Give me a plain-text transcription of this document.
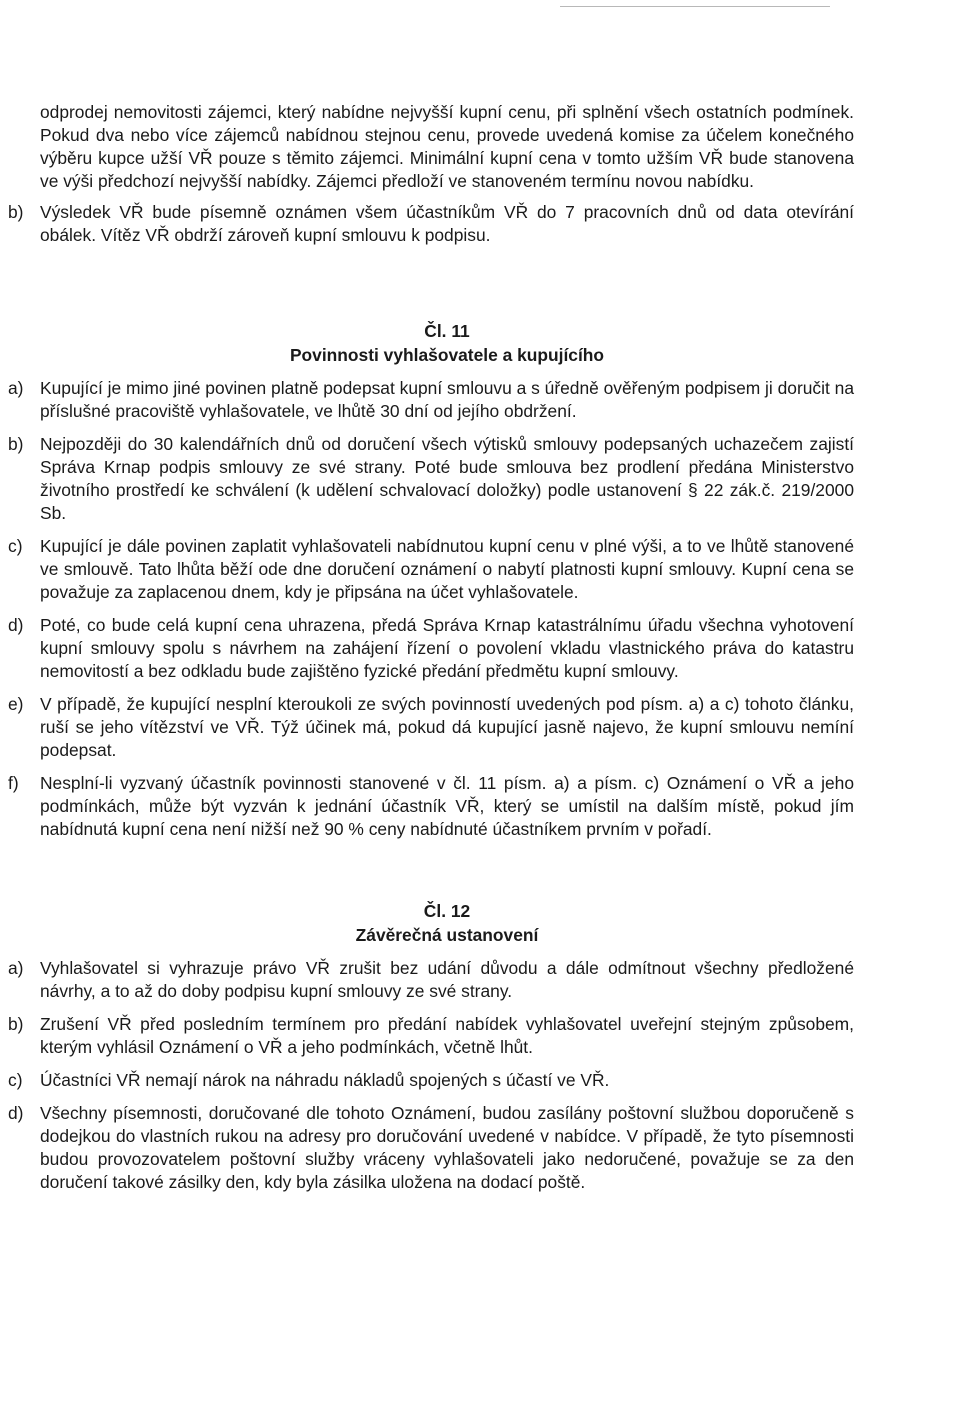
odprodej nemovitosti zájemci, který nabídne nejvyšší kupní cenu, při splnění všech ostatních podmínek. Pokud dva nebo více zájemců nabídnou stejnou cenu, provede uvedená komise za účelem konečného výběru kupce užší VŘ pouze s těmito zájemci. Minimální kupní cena v tomto užším VŘ bude stanovena ve výši předchozí nejvyšší nabídky. Zájemci předloží ve stanoveném termínu novou nabídku.

b) Výsledek VŘ bude písemně oznámen všem účastníkům VŘ do 7 pracovních dnů od data otevírání obálek. Vítěz VŘ obdrží zároveň kupní smlouvu k podpisu.
Čl. 11
Povinnosti vyhlašovatele a kupujícího
a) Kupující je mimo jiné povinen platně podepsat kupní smlouvu a s úředně ověřeným podpisem ji doručit na příslušné pracoviště vyhlašovatele, ve lhůtě 30 dní od jejího obdržení.
b) Nejpozději do 30 kalendářních dnů od doručení všech výtisků smlouvy podepsaných uchazečem zajistí Správa Krnap podpis smlouvy ze své strany. Poté bude smlouva bez prodlení předána Ministerstvo životního prostředí ke schválení (k udělení schvalovací doložky) podle ustanovení § 22 zák.č. 219/2000 Sb.
c)	Kupující je dále povinen zaplatit vyhlašovateli nabídnutou kupní cenu v plné výši, a to ve lhůtě stanovené ve smlouvě. Tato lhůta běží ode dne doručení oznámení o nabytí platnosti kupní smlouvy. Kupní cena se považuje za zaplacenou dnem, kdy je připsána na účet vyhlašovatele.
d) Poté, co bude celá kupní cena uhrazena, předá Správa Krnap katastrálnímu úřadu všechna vyhotovení kupní smlouvy spolu s návrhem na zahájení řízení o povolení vkladu vlastnického práva do katastru nemovitostí a bez odkladu bude zajištěno fyzické předání předmětu kupní smlouvy.
e) V případě, že kupující nesplní kteroukoli ze svých povinností uvedených pod písm. a) a c) tohoto článku, ruší se jeho vítězství ve VŘ. Týž účinek má, pokud dá kupující jasně najevo, že kupní smlouvu nemíní podepsat.
f)	Nesplní-li vyzvaný účastník povinnosti stanovené v čl. 11 písm. a) a písm. c) Oznámení o VŘ a jeho podmínkách, může být vyzván k jednání účastník VŘ, který se umístil na dalším místě, pokud jím nabídnutá kupní cena není nižší než 90 % ceny nabídnuté účastníkem prvním v pořadí.
Čl. 12
Závěrečná ustanovení
a) Vyhlašovatel si vyhrazuje právo VŘ zrušit bez udání důvodu a dále odmítnout všechny předložené návrhy, a to až do doby podpisu kupní smlouvy ze své strany.
b) Zrušení VŘ před posledním termínem pro předání nabídek vyhlašovatel uveřejní stejným způsobem, kterým vyhlásil Oznámení o VŘ a jeho podmínkách, včetně lhůt.
c)	Účastníci VŘ nemají nárok na náhradu nákladů spojených s účastí ve VŘ.
d) Všechny písemnosti, doručované dle tohoto Oznámení, budou zasílány poštovní službou doporučeně s dodejkou do vlastních rukou na adresy pro doručování uvedené v nabídce. V případě, že tyto písemnosti budou provozovatelem poštovní služby vráceny vyhlašovateli jako nedoručené, považuje se za den doručení takové zásilky den, kdy byla zásilka uložena na dodací poště.
